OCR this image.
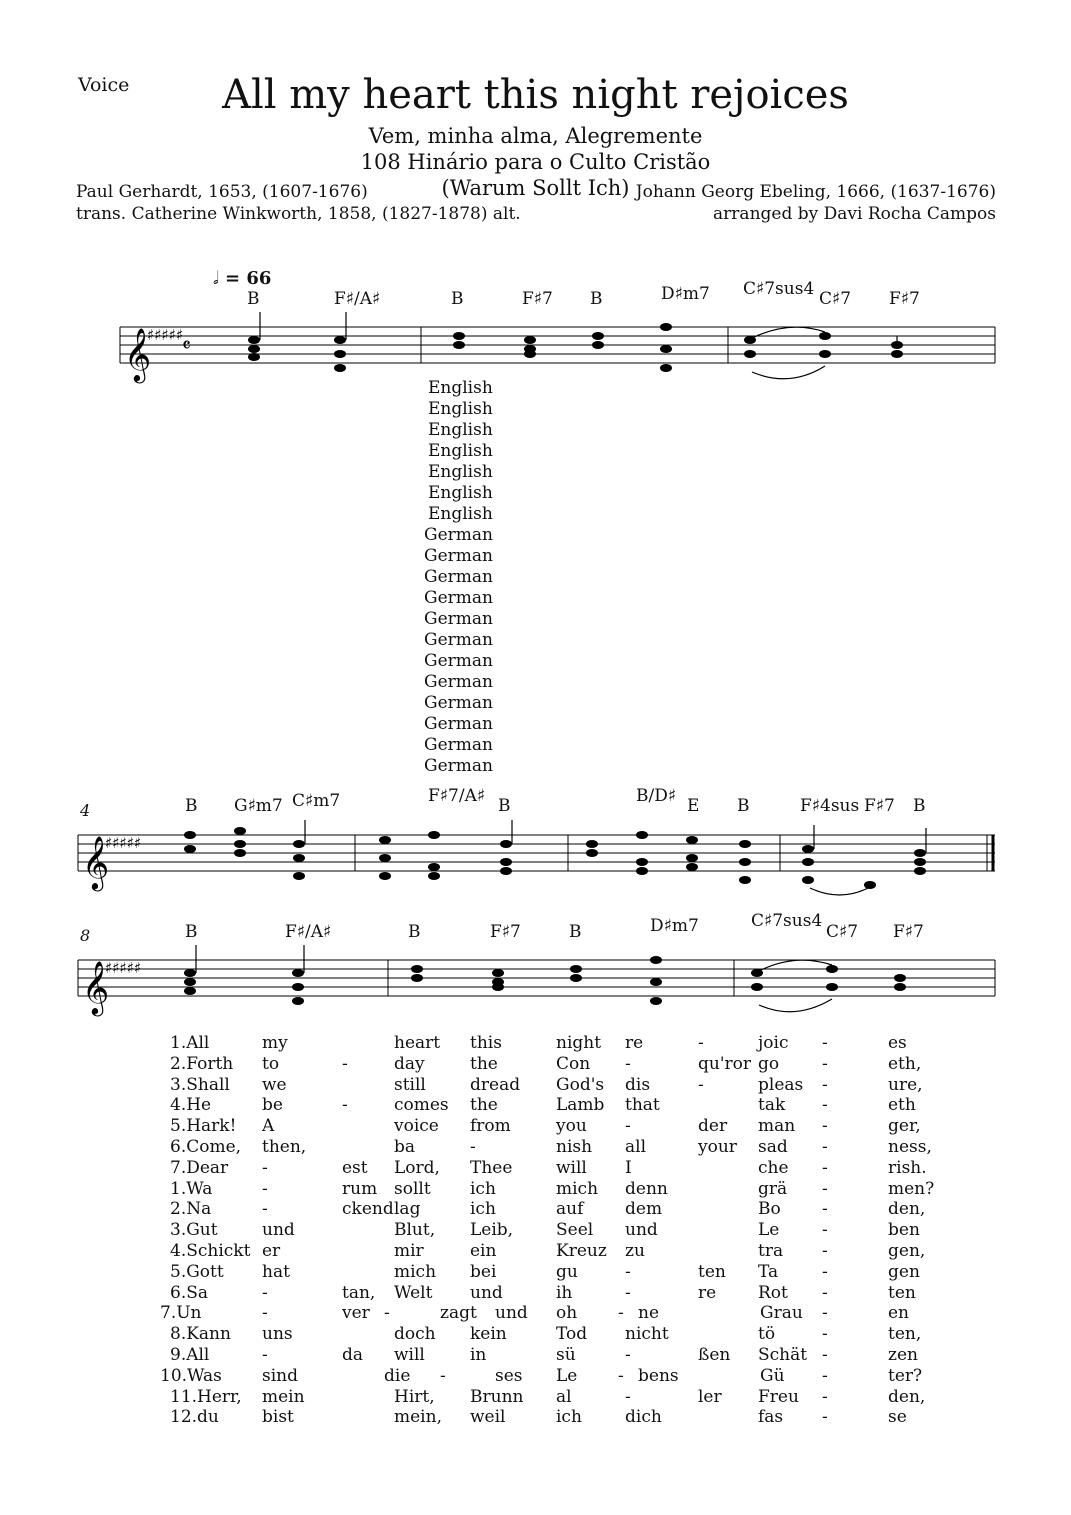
Voice	All my heart this night rejoices
Vem, minha alma, Alegremente
108 Hinário para o Culto Cristão
(Warum Sollt Ich)
Paul Gerhardt, 1653, (1607-1676)
trans. Catherine Winkworth, 1858, (1827-1878) alt.
Johann Georg Ebeling, 1666, (1637-1676)
arranged by Davi Rocha Campos
𝅗𝅥 = 66
B	F♯/A♯	B	F♯7 B	D♯m7 C♯7sus4 C♯7 F♯7
𝄞
♯♯♯♯♯
𝄴
English
English
English
English
English
English
English
German
German
German
German
German
German
German
German
German
German
German
German
4	B G♯m7 C♯m7	F♯7/A♯ B	B/D♯ E B	F♯4sus F♯7 B
𝄞
♯♯♯♯♯
8	B	F♯/A♯	B	F♯7	B	D♯m7	C♯7sus4
C♯7 F♯7
𝄞
♯♯♯♯♯
1.All	my	heart this	night re	-	joic -	es
2.Forth to	-	day	the	Con -	qu'ror go	-	eth,
3.Shall we	still	dread God's dis	-	pleas -	ure,
4.He	be	-	comes the	Lamb that	tak -	eth
5.Hark! A	voice from	you -	der man -	ger,
6.Come, then,	ba	-	nish all	your sad -	ness,
7.Dear -	est Lord, Thee	will I	che -	rish.
1.Wa	-	rum sollt ich	mich denn	grä -	men?
2.Na	-	ckend lag	ich	auf dem	Bo -	den,
3.Gut	und	Blut, Leib,	Seel und	Le	-	ben
4.Schickt er	mir	ein	Kreuz zu	tra -	gen,
5.Gott hat	mich bei	gu	-	ten Ta	-	gen
6.Sa	-	tan, Welt und	ih	-	re Rot -	ten
7.Un	-	ver -	zagt und oh - ne	Grau -	en
8.Kann uns	doch kein	Tod nicht	tö	-	ten,
9.All	-	da will	in	sü	-	ßen Schät -	zen
10.Was sind	die -	ses Le - bens	Gü -	ter?
11.Herr, mein	Hirt, Brunn al	-	ler Freu -	den,
12.du	bist	mein, weil	ich	dich	fas -	se
